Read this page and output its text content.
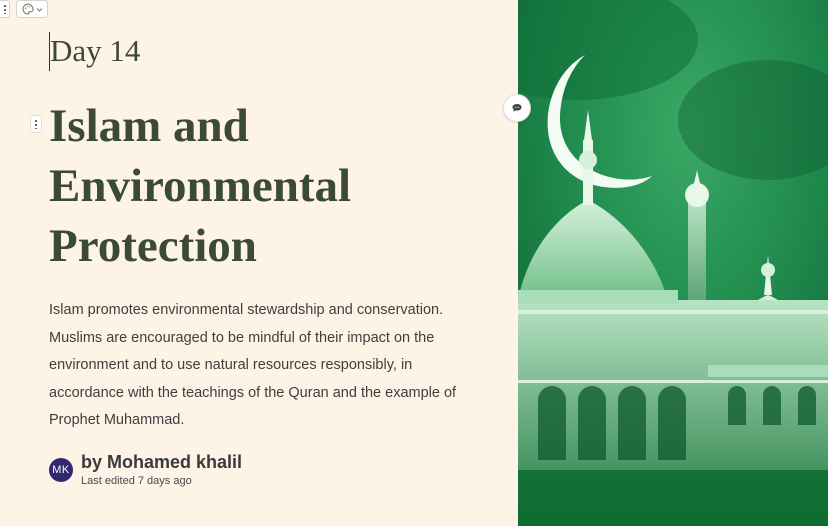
Day 14
Islam and
Environmental
Protection

Islam promotes environmental stewardship and conservation. Muslims are encouraged to be mindful of their impact on the environment and to use natural resources responsibly, in accordance with the teachings of the Quran and the example of Prophet Muhammad.

MK by Mohamed khalil
Last edited 7 days ago
